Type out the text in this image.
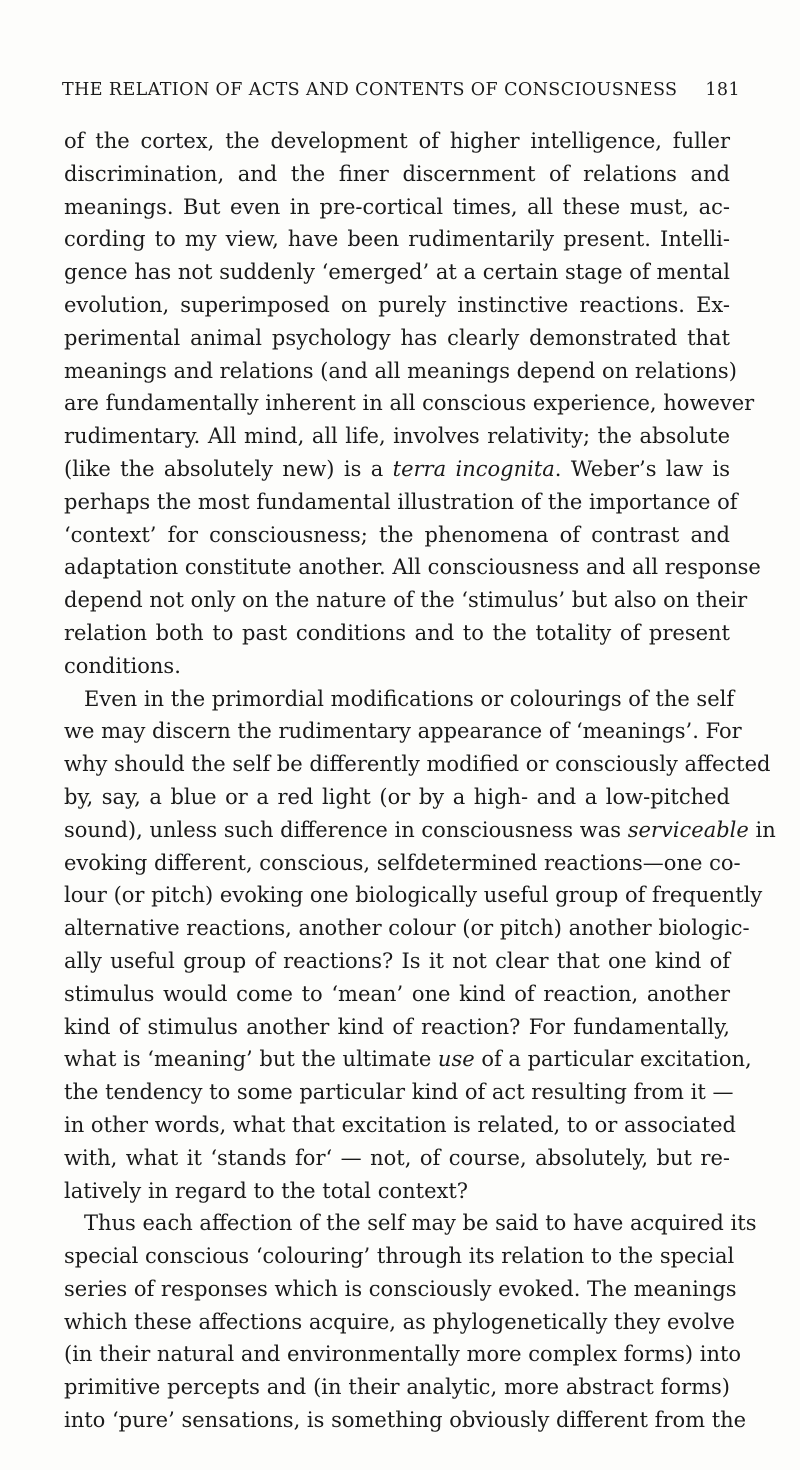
THE RELATION OF ACTS AND CONTENTS OF CONSCIOUSNESS 181
of the cortex, the development of higher intelligence, fuller
discrimination, and the finer discernment of relations and
meanings. But even in pre-cortical times, all these must, ac-
cording to my view, have been rudimentarily present. Intelli-
gence has not suddenly ‘emerged’ at a certain stage of mental
evolution, superimposed on purely instinctive reactions. Ex-
perimental animal psychology has clearly demonstrated that
meanings and relations (and all meanings depend on relations)
are fundamentally inherent in all conscious experience, however
rudimentary. All mind, all life, involves relativity; the absolute
(like the absolutely new) is a terra incognita. Weber’s law is
perhaps the most fundamental illustration of the importance of
‘context’ for consciousness; the phenomena of contrast and
adaptation constitute another. All consciousness and all response
depend not only on the nature of the ‘stimulus’ but also on their
relation both to past conditions and to the totality of present
conditions.
Even in the primordial modifications or colourings of the self
we may discern the rudimentary appearance of ‘meanings’. For
why should the self be differently modified or consciously affected
by, say, a blue or a red light (or by a high- and a low-pitched
sound), unless such difference in consciousness was serviceable in
evoking different, conscious, selfdetermined reactions—one co-
lour (or pitch) evoking one biologically useful group of frequently
alternative reactions, another colour (or pitch) another biologic-
ally useful group of reactions? Is it not clear that one kind of
stimulus would come to ‘mean’ one kind of reaction, another
kind of stimulus another kind of reaction? For fundamentally,
what is ‘meaning’ but the ultimate use of a particular excitation,
the tendency to some particular kind of act resulting from it —
in other words, what that excitation is related, to or associated
with, what it ‘stands for‘ — not, of course, absolutely, but re-
latively in regard to the total context?
Thus each affection of the self may be said to have acquired its
special conscious ‘colouring’ through its relation to the special
series of responses which is consciously evoked. The meanings
which these affections acquire, as phylogenetically they evolve
(in their natural and environmentally more complex forms) into
primitive percepts and (in their analytic, more abstract forms)
into ‘pure’ sensations, is something obviously different from the
